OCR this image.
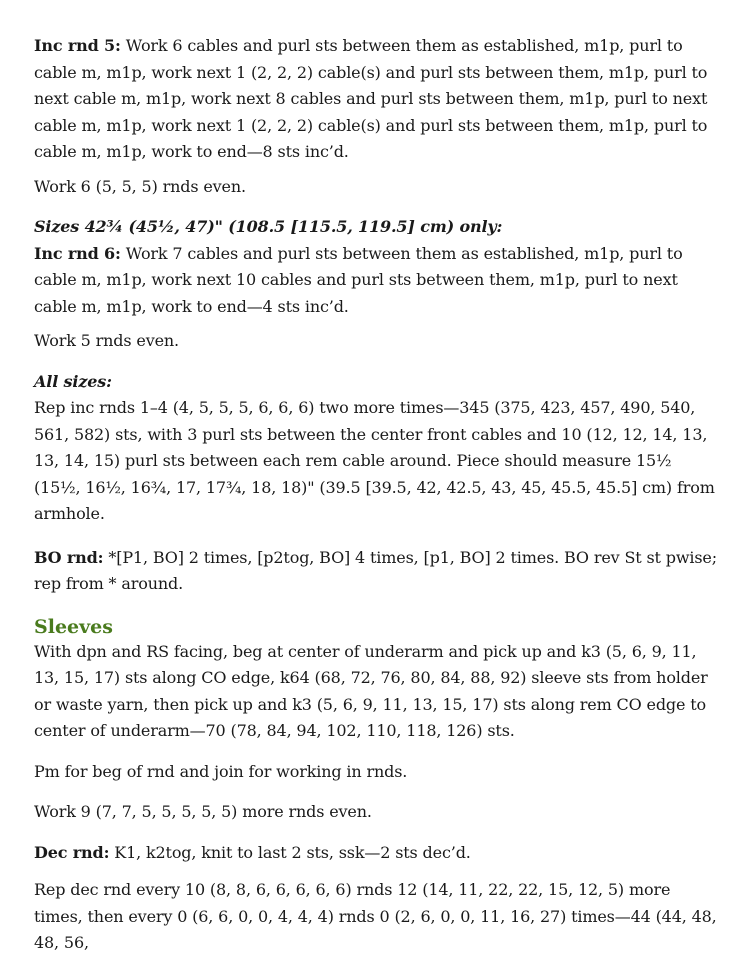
Inc rnd 5: Work 6 cables and purl sts between them as established, m1p, purl to cable m, m1p, work next 1 (2, 2, 2) cable(s) and purl sts between them, m1p, purl to next cable m, m1p, work next 8 cables and purl sts between them, m1p, purl to next cable m, m1p, work next 1 (2, 2, 2) cable(s) and purl sts between them, m1p, purl to cable m, m1p, work to end—8 sts inc’d.

Work 6 (5, 5, 5) rnds even.

Sizes 42¾ (45½, 47)" (108.5 [115.5, 119.5] cm) only:

Inc rnd 6: Work 7 cables and purl sts between them as established, m1p, purl to cable m, m1p, work next 10 cables and purl sts between them, m1p, purl to next cable m, m1p, work to end—4 sts inc’d.

Work 5 rnds even.

All sizes:

Rep inc rnds 1–4 (4, 5, 5, 5, 6, 6, 6) two more times—345 (375, 423, 457, 490, 540, 561, 582) sts, with 3 purl sts between the center front cables and 10 (12, 12, 14, 13, 13, 14, 15) purl sts between each rem cable around. Piece should measure 15½ (15½, 16½, 16¾, 17, 17¾, 18, 18)" (39.5 [39.5, 42, 42.5, 43, 45, 45.5, 45.5] cm) from armhole.

BO rnd: *[P1, BO] 2 times, [p2tog, BO] 4 times, [p1, BO] 2 times. BO rev St st pwise; rep from * around.

Sleeves

With dpn and RS facing, beg at center of underarm and pick up and k3 (5, 6, 9, 11, 13, 15, 17) sts along CO edge, k64 (68, 72, 76, 80, 84, 88, 92) sleeve sts from holder or waste yarn, then pick up and k3 (5, 6, 9, 11, 13, 15, 17) sts along rem CO edge to center of underarm—70 (78, 84, 94, 102, 110, 118, 126) sts.

Pm for beg of rnd and join for working in rnds.

Work 9 (7, 7, 5, 5, 5, 5, 5) more rnds even.

Dec rnd: K1, k2tog, knit to last 2 sts, ssk—2 sts dec’d.

Rep dec rnd every 10 (8, 8, 6, 6, 6, 6, 6) rnds 12 (14, 11, 22, 22, 15, 12, 5) more times, then every 0 (6, 6, 0, 0, 4, 4, 4) rnds 0 (2, 6, 0, 0, 11, 16, 27) times—44 (44, 48, 48, 56,
